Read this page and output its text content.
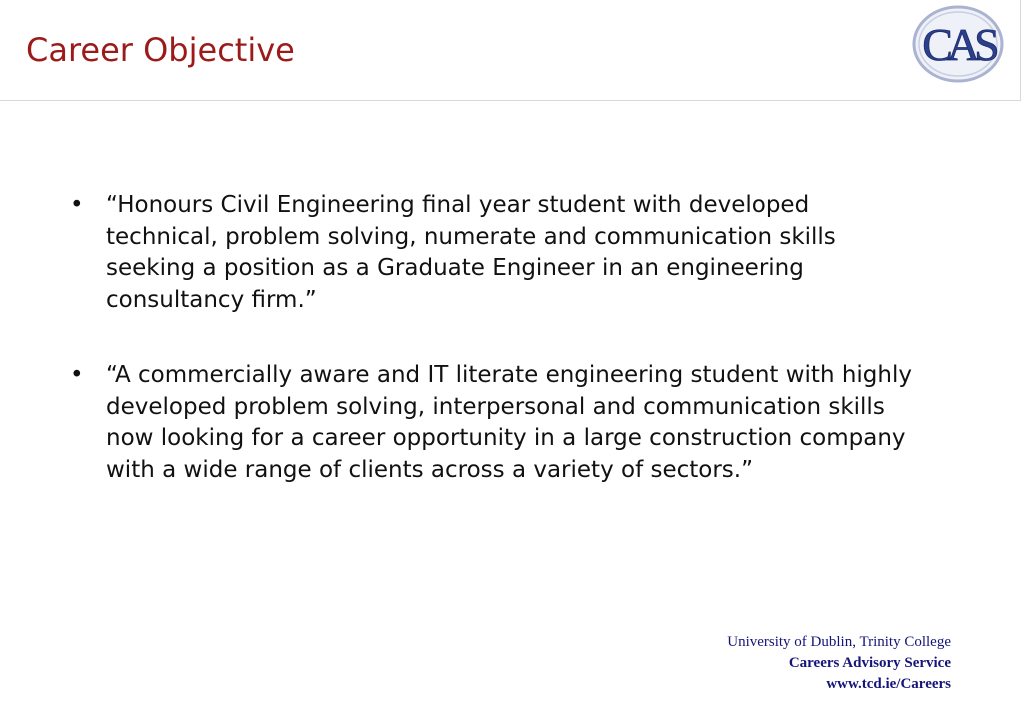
Career Objective	CAS
• “Honours Civil Engineering final year student with developed technical, problem solving, numerate and communication skills seeking a position as a Graduate Engineer in an engineering consultancy firm.”
• “A commercially aware and IT literate engineering student with highly developed problem solving, interpersonal and communication skills now looking for a career opportunity in a large construction company with a wide range of clients across a variety of sectors.”
University of Dublin, Trinity College
Careers Advisory Service
www.tcd.ie/Careers
